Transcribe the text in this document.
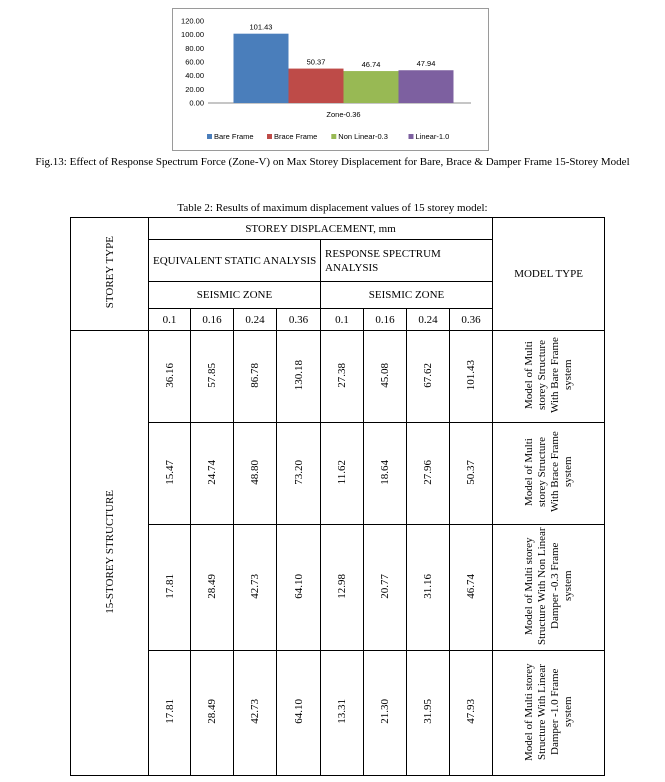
120.00
100.00
80.00
60.00
40.00
20.00
0.00
101.43
50.37	46.74	47.94
Zone-0.36
Bare Frame	Brace Frame	Non Linear-0.3	Linear-1.0
Fig.13: Effect of Response Spectrum Force (Zone-V) on Max Storey Displacement for Bare, Brace & Damper Frame 15-Storey Model
Table 2: Results of maximum displacement values of 15 storey model:
STOREY TYPE	STOREY DISPLACEMENT, mm								MODEL TYPE
	EQUIVALENT STATIC ANALYSIS				RESPONSE SPECTRUM ANALYSIS				
	SEISMIC ZONE				SEISMIC ZONE				
	0.1	0.16	0.24	0.36	0.1	0.16	0.24	0.36	
15-STOREY STRUCTURE	36.16	57.85	86.78	130.18	27.38	45.08	67.62	101.43	Model of Multi storey Structure With Bare Frame system
	15.47	24.74	48.80	73.20	11.62	18.64	27.96	50.37	Model of Multi storey Structure With Brace Frame system
	17.81	28.49	42.73	64.10	12.98	20.77	31.16	46.74	Model of Multi storey Structure With Non Linear Damper -0.3 Frame system
	17.81	28.49	42.73	64.10	13.31	21.30	31.95	47.93	Model of Multi storey Structure With Linear Damper -1.0 Frame system
